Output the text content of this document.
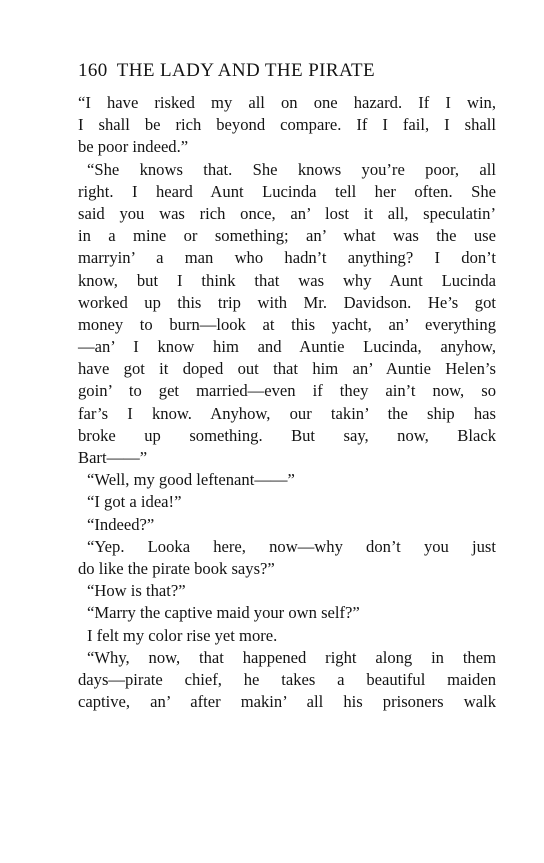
160 THE LADY AND THE PIRATE
“I have risked my all on one hazard. If I win,
I shall be rich beyond compare. If I fail, I shall
be poor indeed.”
“She knows that. She knows you’re poor, all
right. I heard Aunt Lucinda tell her often. She
said you was rich once, an’ lost it all, speculatin’
in a mine or something; an’ what was the use
marryin’ a man who hadn’t anything? I don’t
know, but I think that was why Aunt Lucinda
worked up this trip with Mr. Davidson. He’s got
money to burn—look at this yacht, an’ everything
—an’ I know him and Auntie Lucinda, anyhow,
have got it doped out that him an’ Auntie Helen’s
goin’ to get married—even if they ain’t now, so
far’s I know. Anyhow, our takin’ the ship has
broke up something. But say, now, Black
Bart——”
“Well, my good leftenant——”
“I got a idea!”
“Indeed?”
“Yep. Looka here, now—why don’t you just
do like the pirate book says?”
“How is that?”
“Marry the captive maid your own self?”
I felt my color rise yet more.
“Why, now, that happened right along in them
days—pirate chief, he takes a beautiful maiden
captive, an’ after makin’ all his prisoners walk
